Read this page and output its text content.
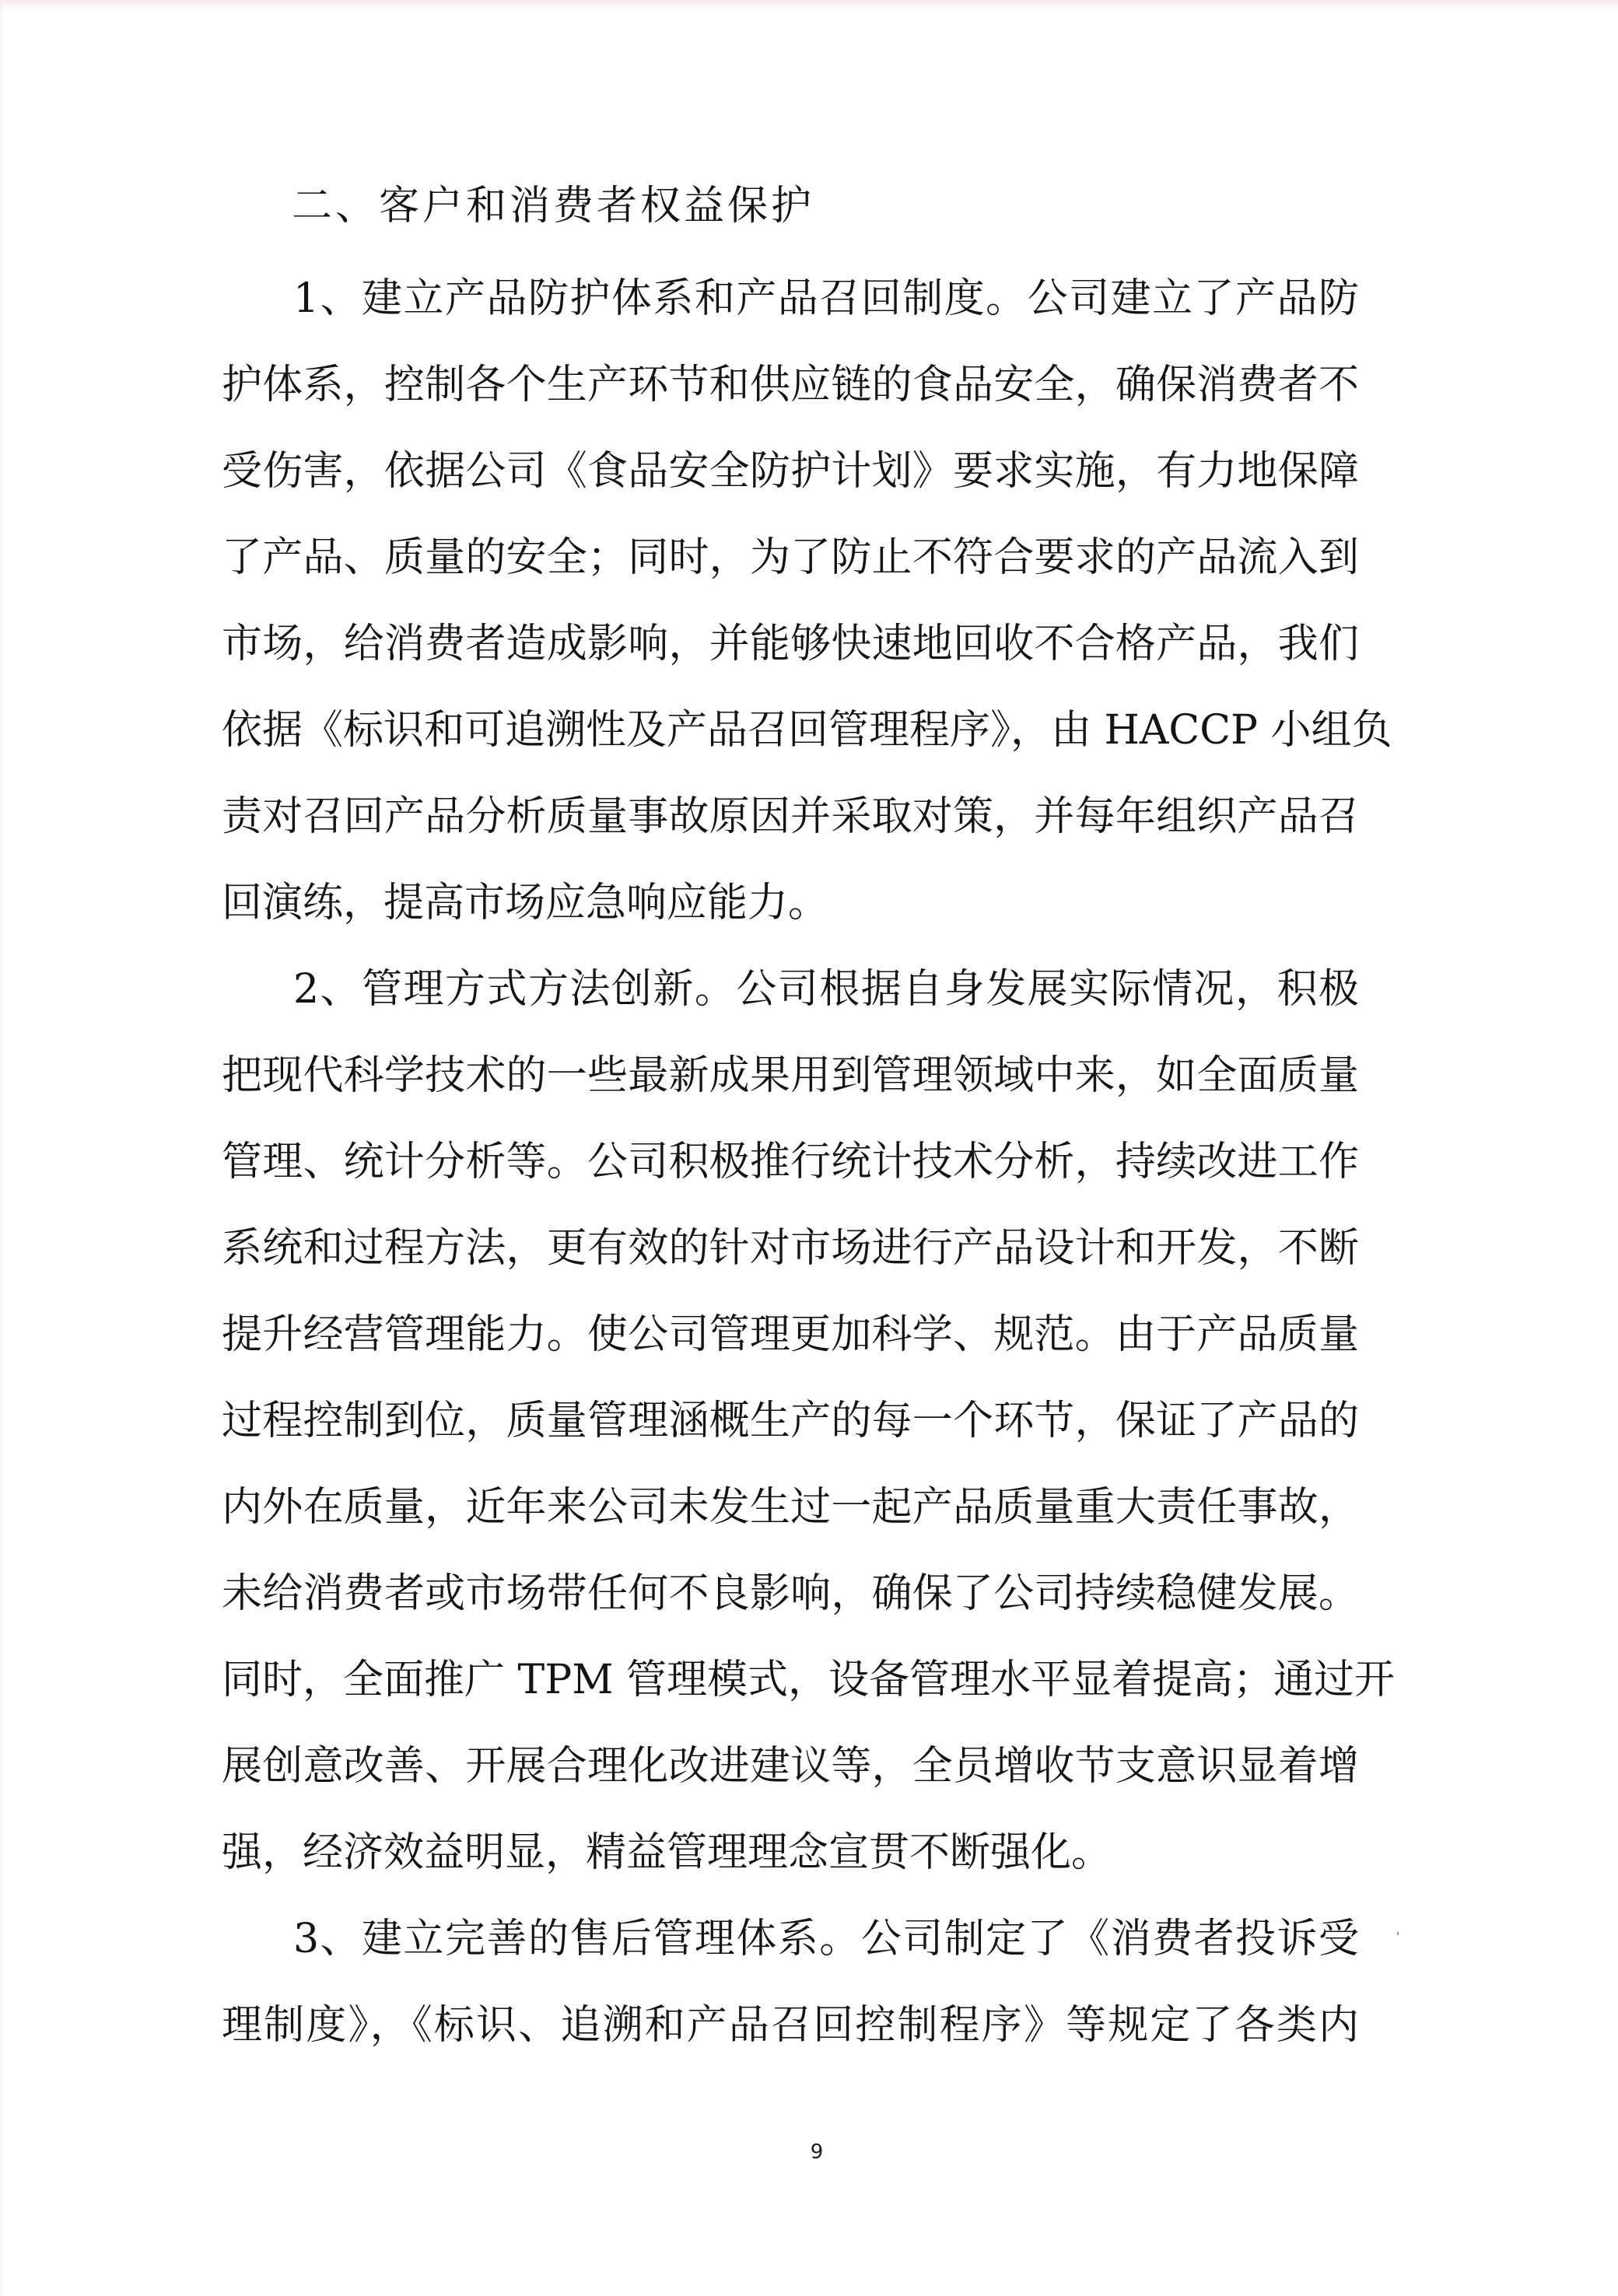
二、客户和消费者权益保护
1、建立产品防护体系和产品召回制度。公司建立了产品防
护体系，控制各个生产环节和供应链的食品安全，确保消费者不
受伤害，依据公司《食品安全防护计划》要求实施，有力地保障
了产品、质量的安全；同时，为了防止不符合要求的产品流入到
市场，给消费者造成影响，并能够快速地回收不合格产品，我们
依据《标识和可追溯性及产品召回管理程序》，由 HACCP 小组负
责对召回产品分析质量事故原因并采取对策，并每年组织产品召
回演练，提高市场应急响应能力。
2、管理方式方法创新。公司根据自身发展实际情况，积极
把现代科学技术的一些最新成果用到管理领域中来，如全面质量
管理、统计分析等。公司积极推行统计技术分析，持续改进工作
系统和过程方法，更有效的针对市场进行产品设计和开发，不断
提升经营管理能力。使公司管理更加科学、规范。由于产品质量
过程控制到位，质量管理涵概生产的每一个环节，保证了产品的
内外在质量，近年来公司未发生过一起产品质量重大责任事故，
未给消费者或市场带任何不良影响，确保了公司持续稳健发展。
同时，全面推广 TPM 管理模式，设备管理水平显着提高；通过开
展创意改善、开展合理化改进建议等，全员增收节支意识显着增
强，经济效益明显，精益管理理念宣贯不断强化。
3、建立完善的售后管理体系。公司制定了《消费者投诉受
理制度》，《标识、追溯和产品召回控制程序》等规定了各类内
9
